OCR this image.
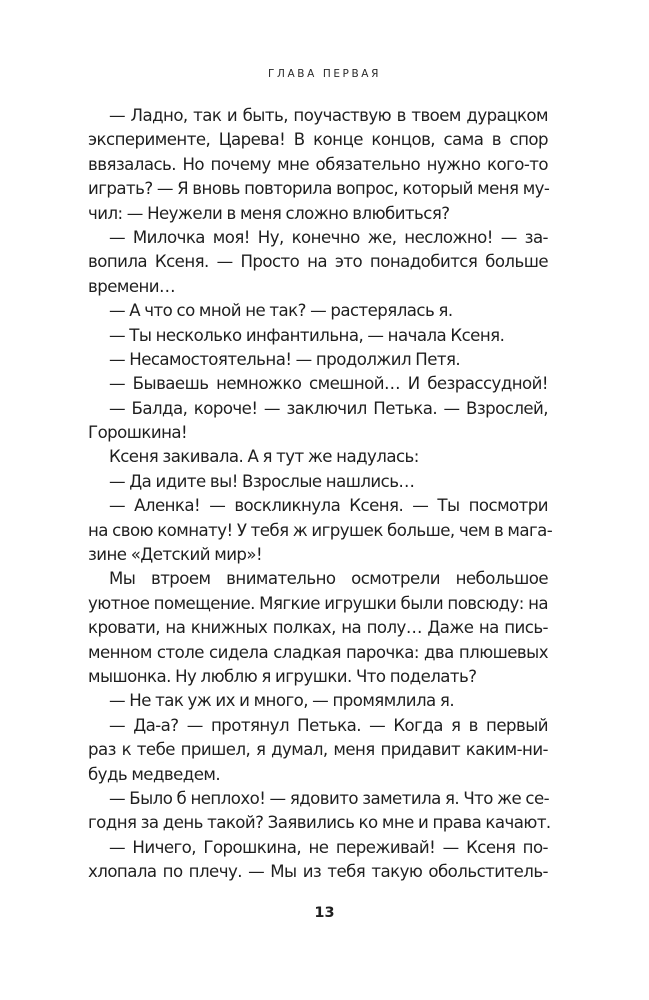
ГЛАВА ПЕРВАЯ
— Ладно, так и быть, поучаствую в твоем дурацком
эксперименте, Царева! В конце концов, сама в спор
ввязалась. Но почему мне обязательно нужно кого-то
играть? — Я вновь повторила вопрос, который меня му-
чил: — Неужели в меня сложно влюбиться?
— Милочка моя! Ну, конечно же, несложно! — за-
вопила Ксеня. — Просто на это понадобится больше
времени…
— А что со мной не так? — растерялась я.
— Ты несколько инфантильна, — начала Ксеня.
— Несамостоятельна! — продолжил Петя.
— Бываешь немножко смешной… И безрассудной!
— Балда, короче! — заключил Петька. — Взрослей,
Горошкина!
Ксеня закивала. А я тут же надулась:
— Да идите вы! Взрослые нашлись…
— Аленка! — воскликнула Ксеня. — Ты посмотри
на свою комнату! У тебя ж игрушек больше, чем в мага-
зине «Детский мир»!
Мы втроем внимательно осмотрели небольшое
уютное помещение. Мягкие игрушки были повсюду: на
кровати, на книжных полках, на полу… Даже на пись-
менном столе сидела сладкая парочка: два плюшевых
мышонка. Ну люблю я игрушки. Что поделать?
— Не так уж их и много, — промямлила я.
— Да-а? — протянул Петька. — Когда я в первый
раз к тебе пришел, я думал, меня придавит каким-ни-
будь медведем.
— Было б неплохо! — ядовито заметила я. Что же се-
годня за день такой? Заявились ко мне и права качают.
— Ничего, Горошкина, не переживай! — Ксеня по-
хлопала по плечу. — Мы из тебя такую обольститель-
13
